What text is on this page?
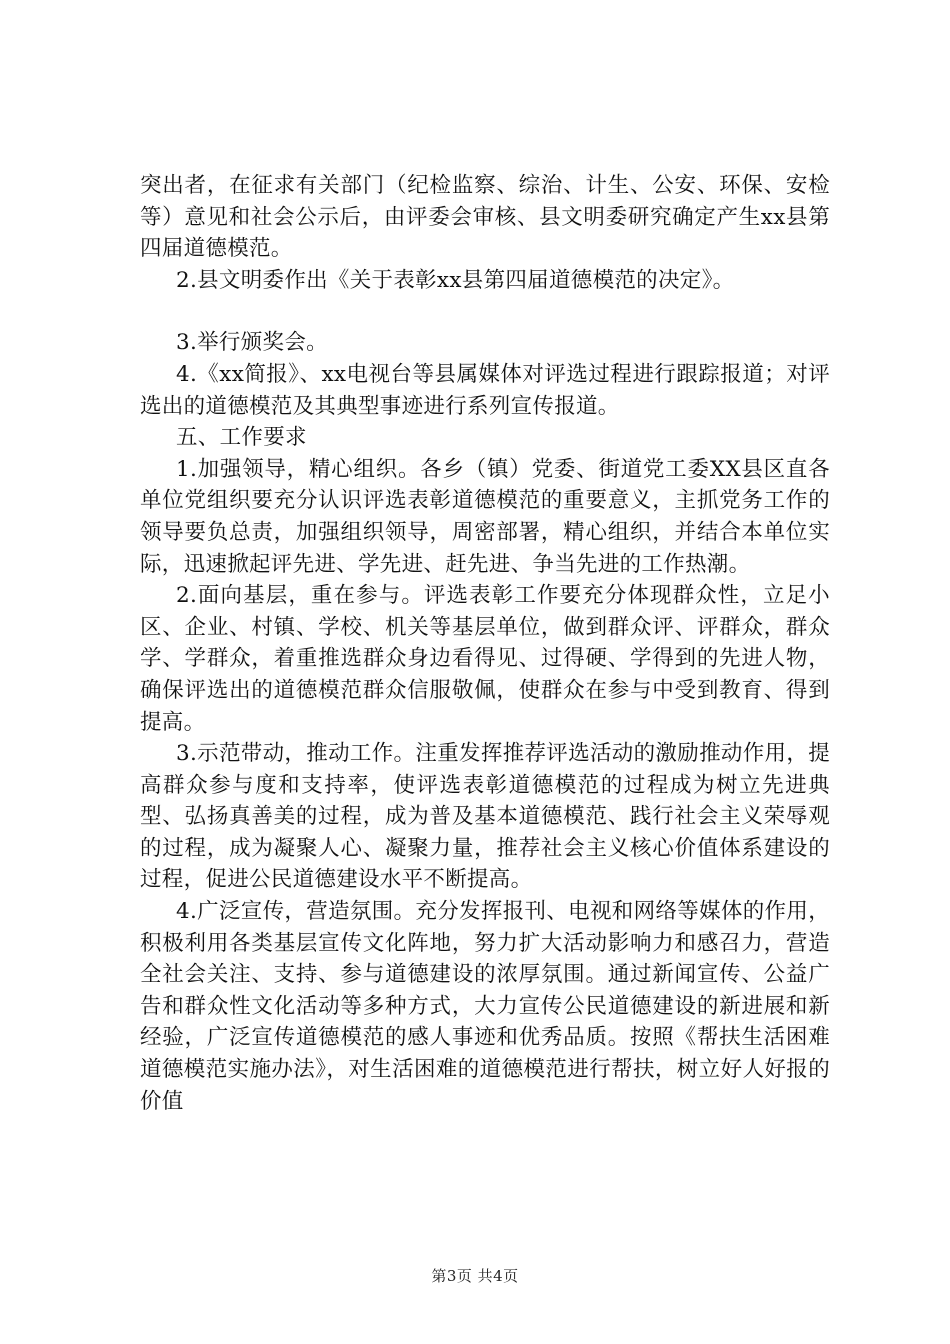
突出者，在征求有关部门（纪检监察、综治、计生、公安、环保、安检等）意见和社会公示后，由评委会审核、县文明委研究确定产生xx县第四届道德模范。

2.县文明委作出《关于表彰xx县第四届道德模范的决定》。

3.举行颁奖会。

4.《xx简报》、xx电视台等县属媒体对评选过程进行跟踪报道；对评选出的道德模范及其典型事迹进行系列宣传报道。

五、工作要求

1.加强领导，精心组织。各乡（镇）党委、街道党工委XX县区直各单位党组织要充分认识评选表彰道德模范的重要意义，主抓党务工作的领导要负总责，加强组织领导，周密部署，精心组织，并结合本单位实际，迅速掀起评先进、学先进、赶先进、争当先进的工作热潮。

2.面向基层，重在参与。评选表彰工作要充分体现群众性，立足小区、企业、村镇、学校、机关等基层单位，做到群众评、评群众，群众学、学群众，着重推选群众身边看得见、过得硬、学得到的先进人物，确保评选出的道德模范群众信服敬佩，使群众在参与中受到教育、得到提高。

3.示范带动，推动工作。注重发挥推荐评选活动的激励推动作用，提高群众参与度和支持率，使评选表彰道德模范的过程成为树立先进典型、弘扬真善美的过程，成为普及基本道德模范、践行社会主义荣辱观的过程，成为凝聚人心、凝聚力量，推荐社会主义核心价值体系建设的过程，促进公民道德建设水平不断提高。

4.广泛宣传，营造氛围。充分发挥报刊、电视和网络等媒体的作用，积极利用各类基层宣传文化阵地，努力扩大活动影响力和感召力，营造全社会关注、支持、参与道德建设的浓厚氛围。通过新闻宣传、公益广告和群众性文化活动等多种方式，大力宣传公民道德建设的新进展和新经验，广泛宣传道德模范的感人事迹和优秀品质。按照《帮扶生活困难道德模范实施办法》，对生活困难的道德模范进行帮扶，树立好人好报的价值

第3页 共4页
